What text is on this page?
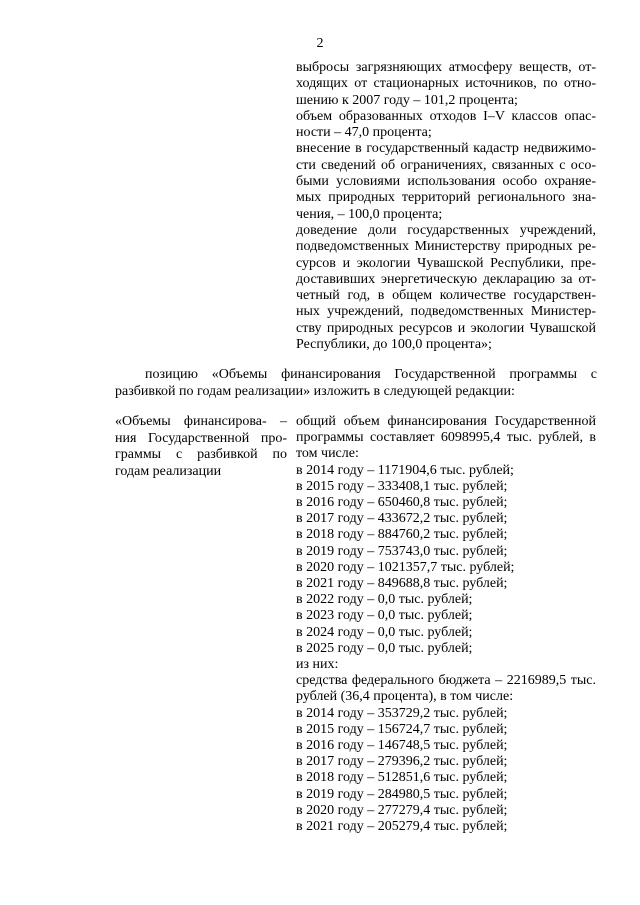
2
выбросы загрязняющих атмосферу веществ, от-
ходящих от стационарных источников, по отно-
шению к 2007 году – 101,2 процента;
объем образованных отходов I–V классов опас-
ности – 47,0 процента;
внесение в государственный кадастр недвижимо-
сти сведений об ограничениях, связанных с осо-
быми условиями использования особо охраняе-
мых природных территорий регионального зна-
чения, – 100,0 процента;
доведение доли государственных учреждений,
подведомственных Министерству природных ре-
сурсов и экологии Чувашской Республики, пре-
доставивших энергетическую декларацию за от-
четный год, в общем количестве государствен-
ных учреждений, подведомственных Министер-
ству природных ресурсов и экологии Чувашской
Республики, до 100,0 процента»;
позицию «Объемы финансирования Государственной программы с разбивкой по годам реализации» изложить в следующей редакции:
«Объемы финансирова- –
ния Государственной про-
граммы с разбивкой по
годам реализации
общий объем финансирования Государственной
программы составляет 6098995,4 тыс. рублей, в
том числе:
в 2014 году – 1171904,6 тыс. рублей;
в 2015 году – 333408,1 тыс. рублей;
в 2016 году – 650460,8 тыс. рублей;
в 2017 году – 433672,2 тыс. рублей;
в 2018 году – 884760,2 тыс. рублей;
в 2019 году – 753743,0 тыс. рублей;
в 2020 году – 1021357,7 тыс. рублей;
в 2021 году – 849688,8 тыс. рублей;
в 2022 году – 0,0 тыс. рублей;
в 2023 году – 0,0 тыс. рублей;
в 2024 году – 0,0 тыс. рублей;
в 2025 году – 0,0 тыс. рублей;
из них:
средства федерального бюджета – 2216989,5 тыс.
рублей (36,4 процента), в том числе:
в 2014 году – 353729,2 тыс. рублей;
в 2015 году – 156724,7 тыс. рублей;
в 2016 году – 146748,5 тыс. рублей;
в 2017 году – 279396,2 тыс. рублей;
в 2018 году – 512851,6 тыс. рублей;
в 2019 году – 284980,5 тыс. рублей;
в 2020 году – 277279,4 тыс. рублей;
в 2021 году – 205279,4 тыс. рублей;
